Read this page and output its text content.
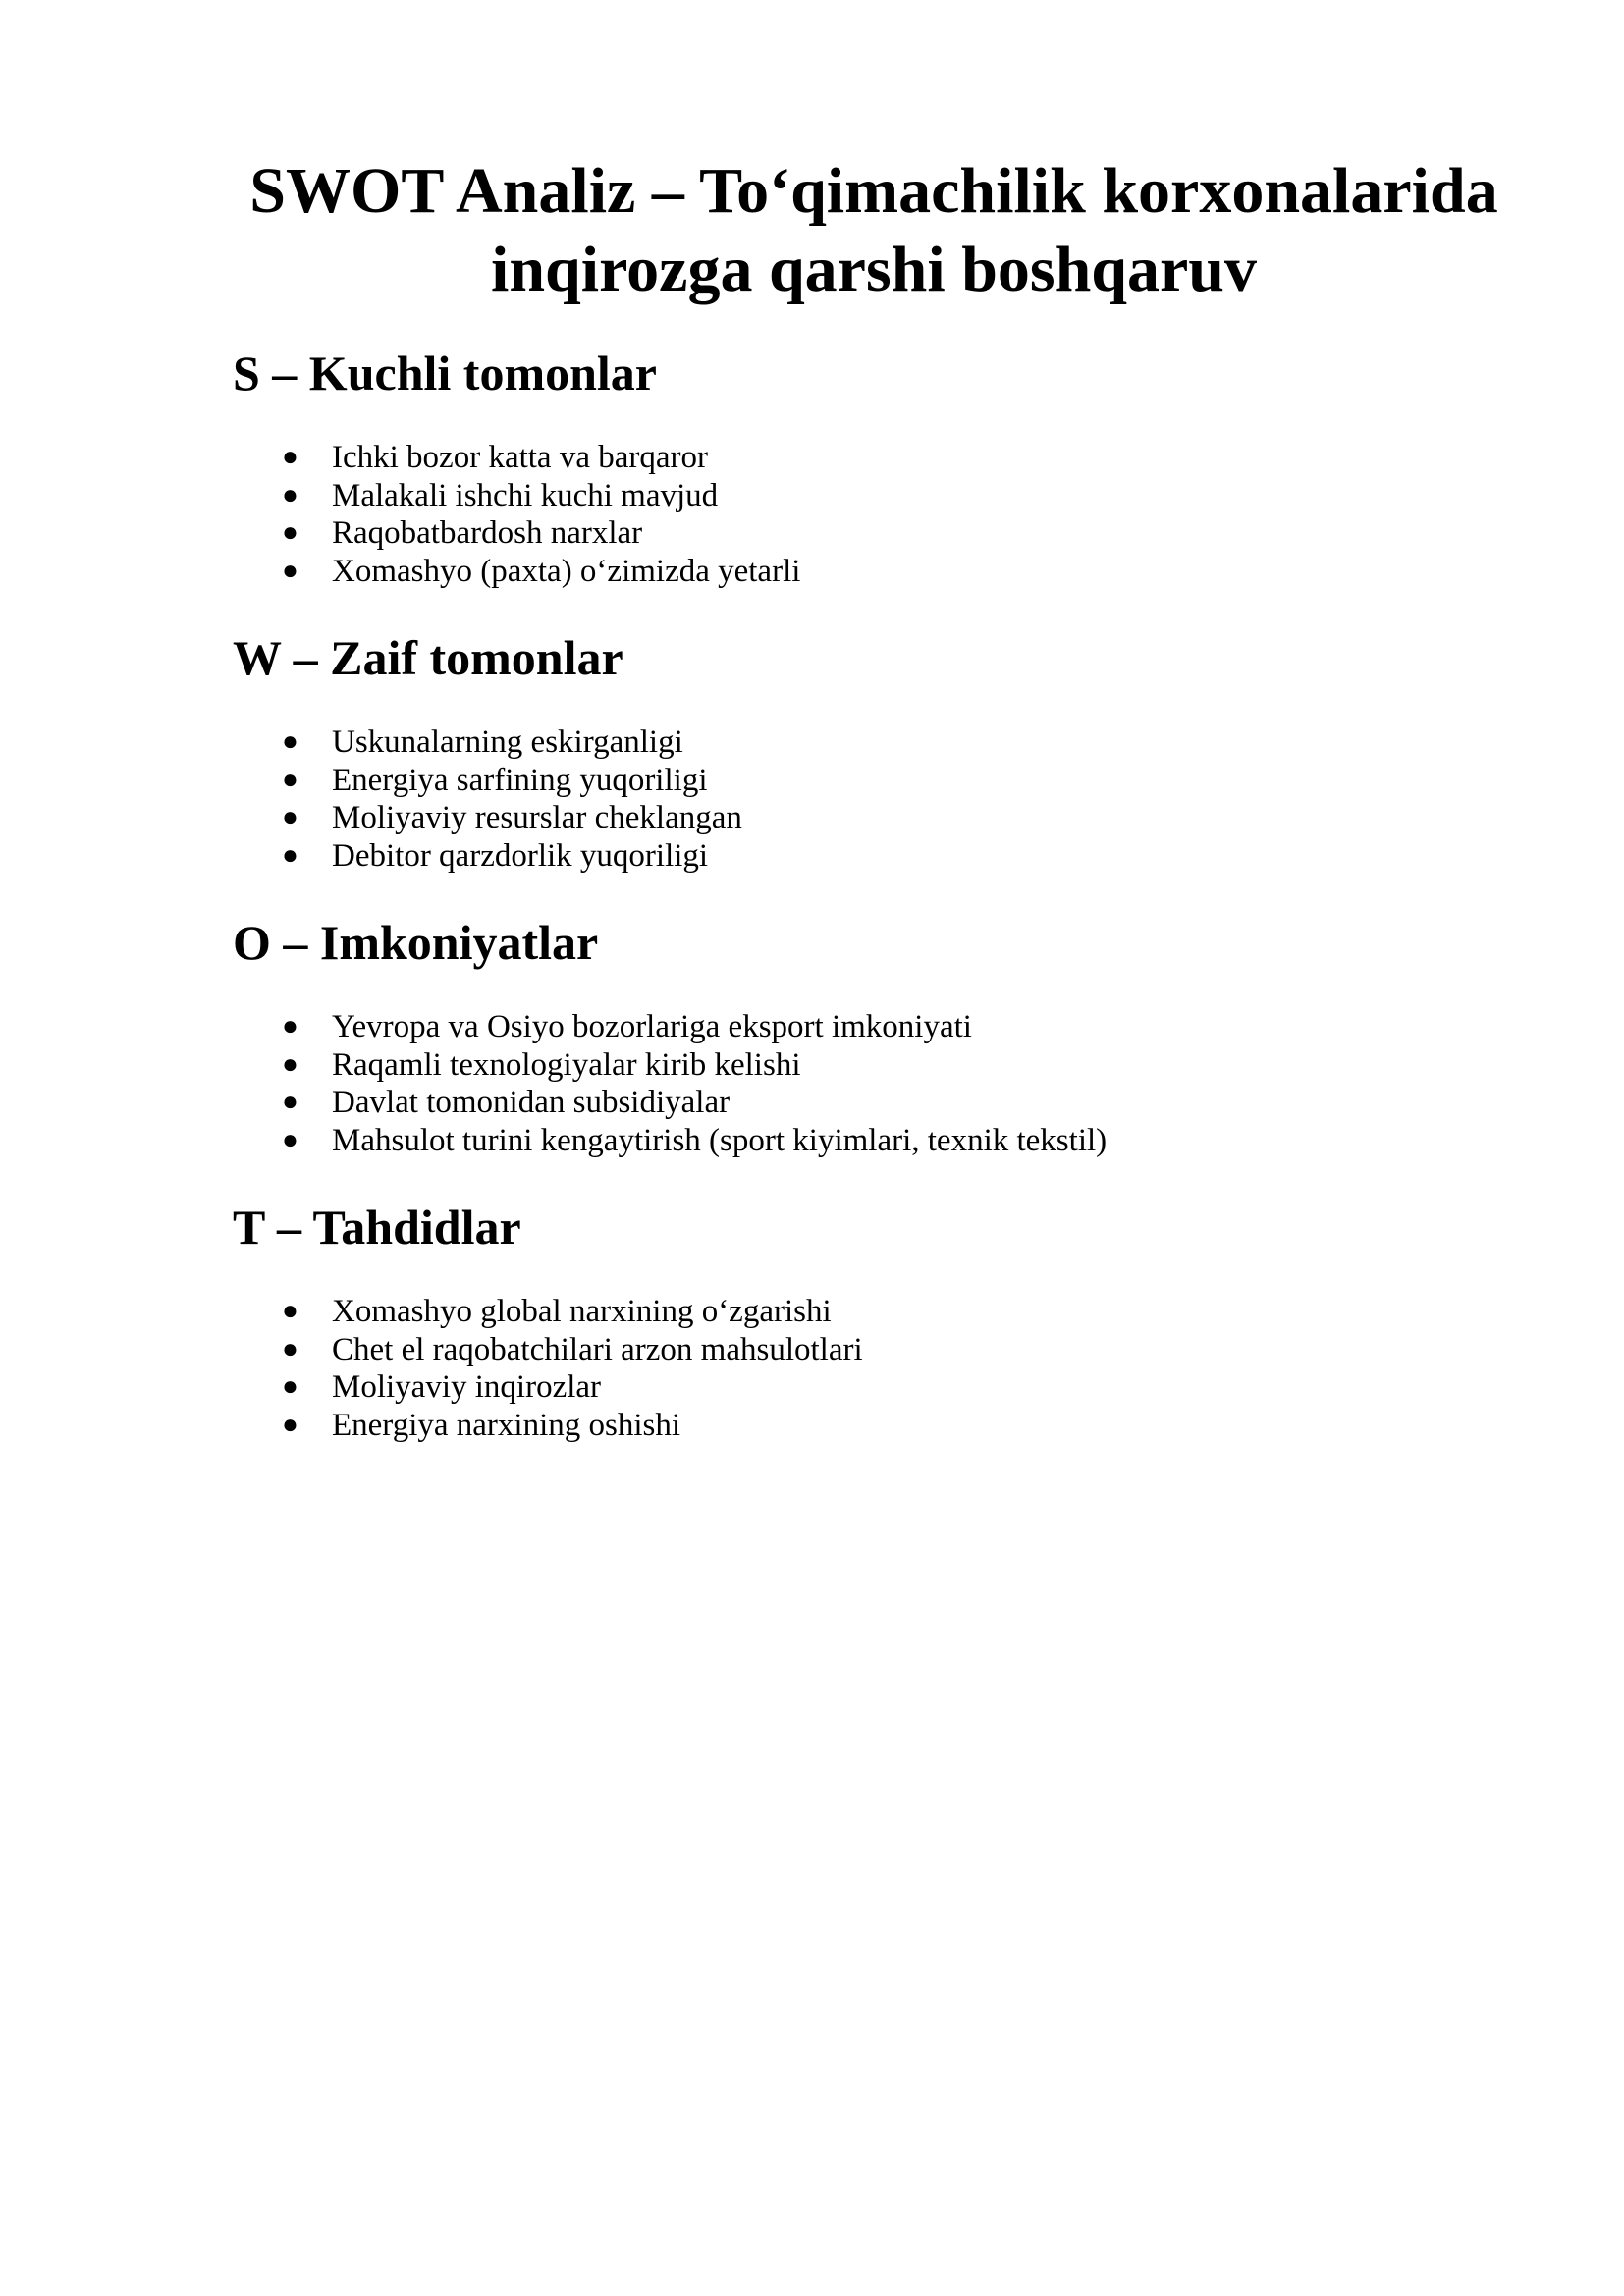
SWOT Analiz – To‘qimachilik korxonalarida
inqirozga qarshi boshqaruv
S – Kuchli tomonlar
● Ichki bozor katta va barqaror
● Malakali ishchi kuchi mavjud
● Raqobatbardosh narxlar
● Xomashyo (paxta) o‘zimizda yetarli
W – Zaif tomonlar
● Uskunalarning eskirganligi
● Energiya sarfining yuqoriligi
● Moliyaviy resurslar cheklangan
● Debitor qarzdorlik yuqoriligi
O – Imkoniyatlar
● Yevropa va Osiyo bozorlariga eksport imkoniyati
● Raqamli texnologiyalar kirib kelishi
● Davlat tomonidan subsidiyalar
● Mahsulot turini kengaytirish (sport kiyimlari, texnik tekstil)
T – Tahdidlar
● Xomashyo global narxining o‘zgarishi
● Chet el raqobatchilari arzon mahsulotlari
● Moliyaviy inqirozlar
● Energiya narxining oshishi
